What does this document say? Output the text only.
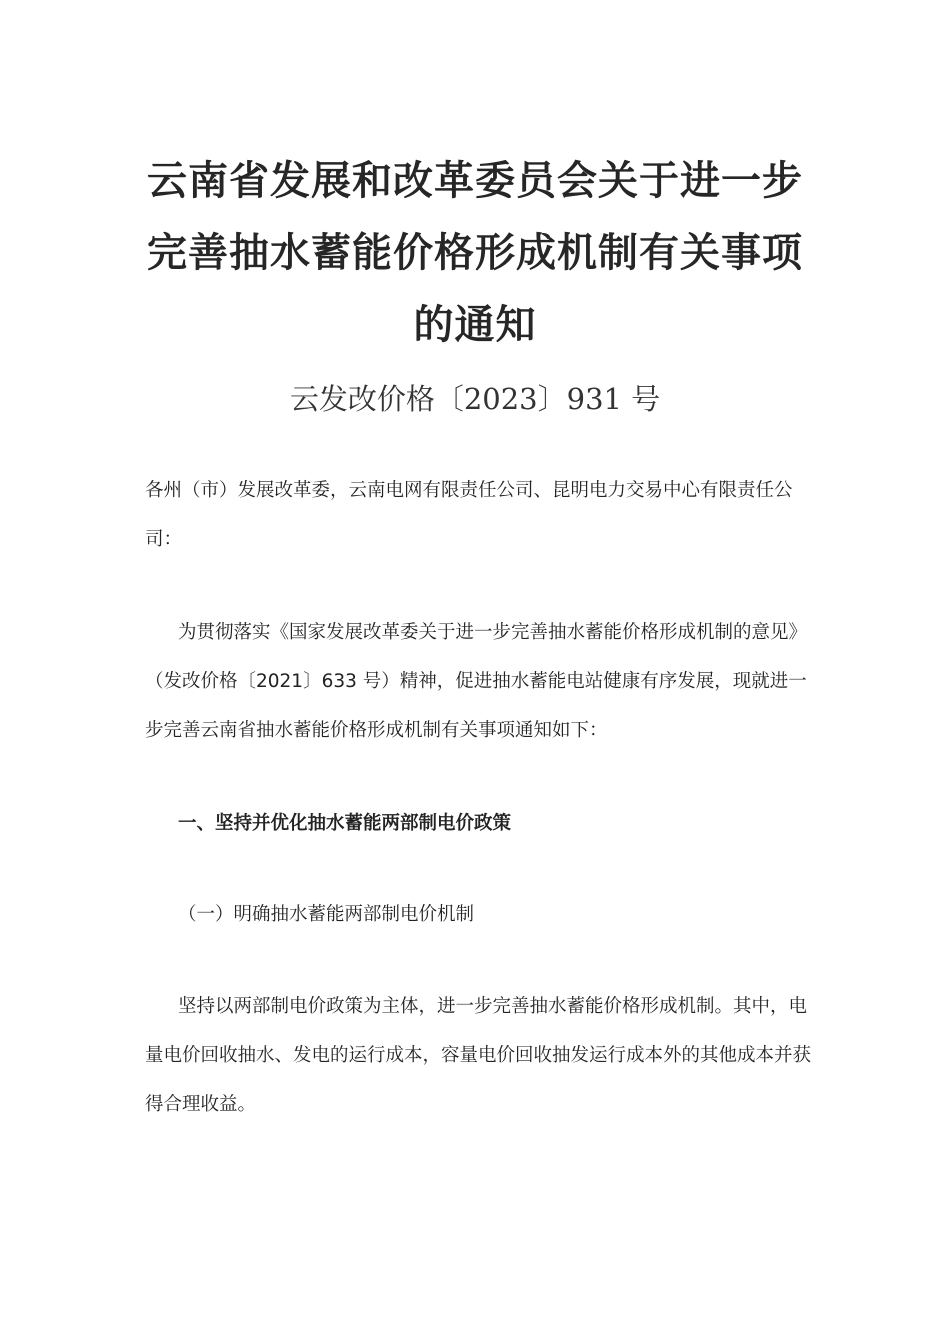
云南省发展和改革委员会关于进一步完善抽水蓄能价格形成机制有关事项的通知
云发改价格〔2023〕931 号

各州（市）发展改革委，云南电网有限责任公司、昆明电力交易中心有限责任公司：

为贯彻落实《国家发展改革委关于进一步完善抽水蓄能价格形成机制的意见》（发改价格〔2021〕633 号）精神，促进抽水蓄能电站健康有序发展，现就进一步完善云南省抽水蓄能价格形成机制有关事项通知如下：

一、坚持并优化抽水蓄能两部制电价政策

（一）明确抽水蓄能两部制电价机制

坚持以两部制电价政策为主体，进一步完善抽水蓄能价格形成机制。其中，电量电价回收抽水、发电的运行成本，容量电价回收抽发运行成本外的其他成本并获得合理收益。
